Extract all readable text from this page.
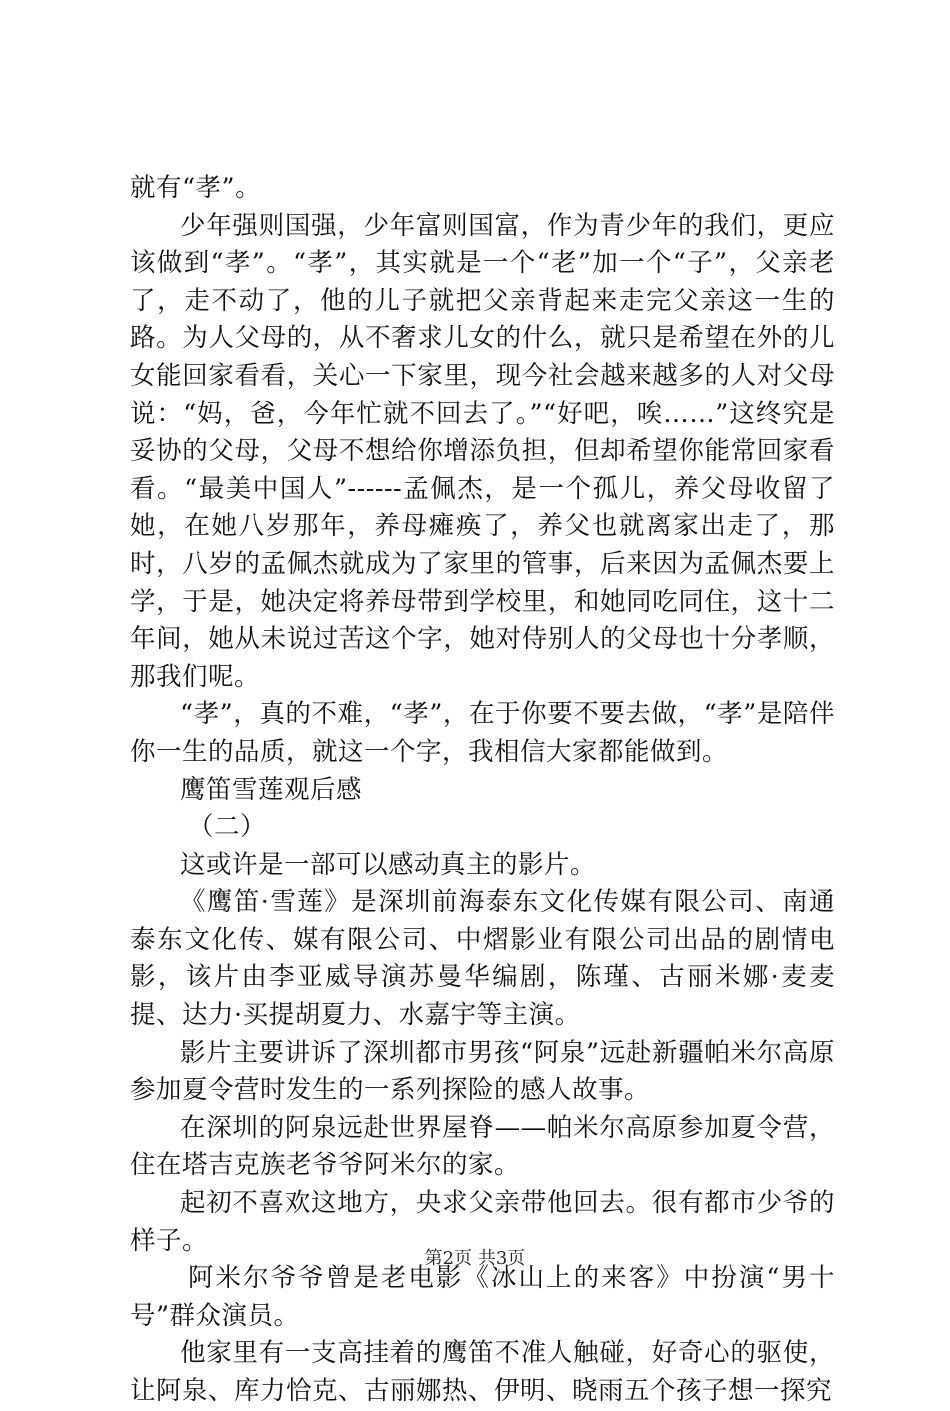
就有“孝”。

少年强则国强，少年富则国富，作为青少年的我们，更应该做到“孝”。“孝”，其实就是一个“老”加一个“子”，父亲老了，走不动了，他的儿子就把父亲背起来走完父亲这一生的路。为人父母的，从不奢求儿女的什么，就只是希望在外的儿女能回家看看，关心一下家里，现今社会越来越多的人对父母说：“妈，爸，今年忙就不回去了。”“好吧，唉……”这终究是妥协的父母，父母不想给你增添负担，但却希望你能常回家看看。“最美中国人”------孟佩杰，是一个孤儿，养父母收留了她，在她八岁那年，养母瘫痪了，养父也就离家出走了，那时，八岁的孟佩杰就成为了家里的管事，后来因为孟佩杰要上学，于是，她决定将养母带到学校里，和她同吃同住，这十二年间，她从未说过苦这个字，她对侍别人的父母也十分孝顺，那我们呢。

“孝”，真的不难，“孝”，在于你要不要去做，“孝”是陪伴你一生的品质，就这一个字，我相信大家都能做到。

鹰笛雪莲观后感

（二）

这或许是一部可以感动真主的影片。

《鹰笛·雪莲》是深圳前海泰东文化传媒有限公司、南通泰东文化传、媒有限公司、中熠影业有限公司出品的剧情电影，该片由李亚威导演苏曼华编剧，陈瑾、古丽米娜·麦麦提、达力·买提胡夏力、水嘉宇等主演。

影片主要讲诉了深圳都市男孩“阿泉”远赴新疆帕米尔高原参加夏令营时发生的一系列探险的感人故事。

在深圳的阿泉远赴世界屋脊——帕米尔高原参加夏令营，住在塔吉克族老爷爷阿米尔的家。

起初不喜欢这地方，央求父亲带他回去。很有都市少爷的样子。

阿米尔爷爷曾是老电影《冰山上的来客》中扮演“男十号”群众演员。

他家里有一支高挂着的鹰笛不准人触碰，好奇心的驱使，让阿泉、库力恰克、古丽娜热、伊明、晓雨五个孩子想一探究

第2页 共3页
